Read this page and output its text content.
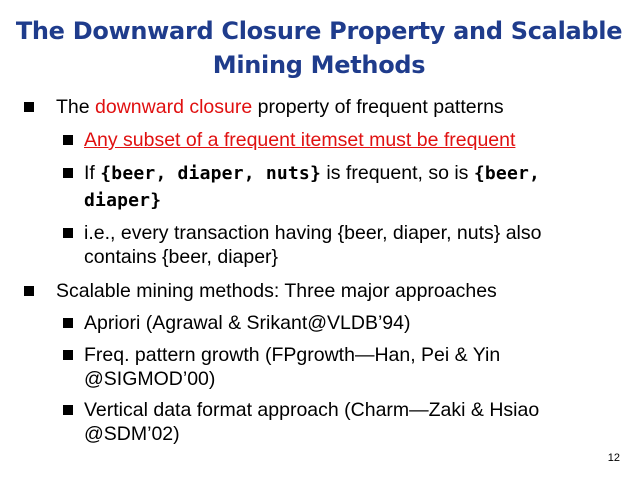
The Downward Closure Property and Scalable
Mining Methods
The downward closure property of frequent patterns
Any subset of a frequent itemset must be frequent
If {beer, diaper, nuts} is frequent, so is {beer,
diaper}
i.e., every transaction having {beer, diaper, nuts} also
contains {beer, diaper}
Scalable mining methods: Three major approaches
Apriori (Agrawal & Srikant@VLDB’94)
Freq. pattern growth (FPgrowth—Han, Pei & Yin
@SIGMOD’00)
Vertical data format approach (Charm—Zaki & Hsiao
@SDM’02)
12
